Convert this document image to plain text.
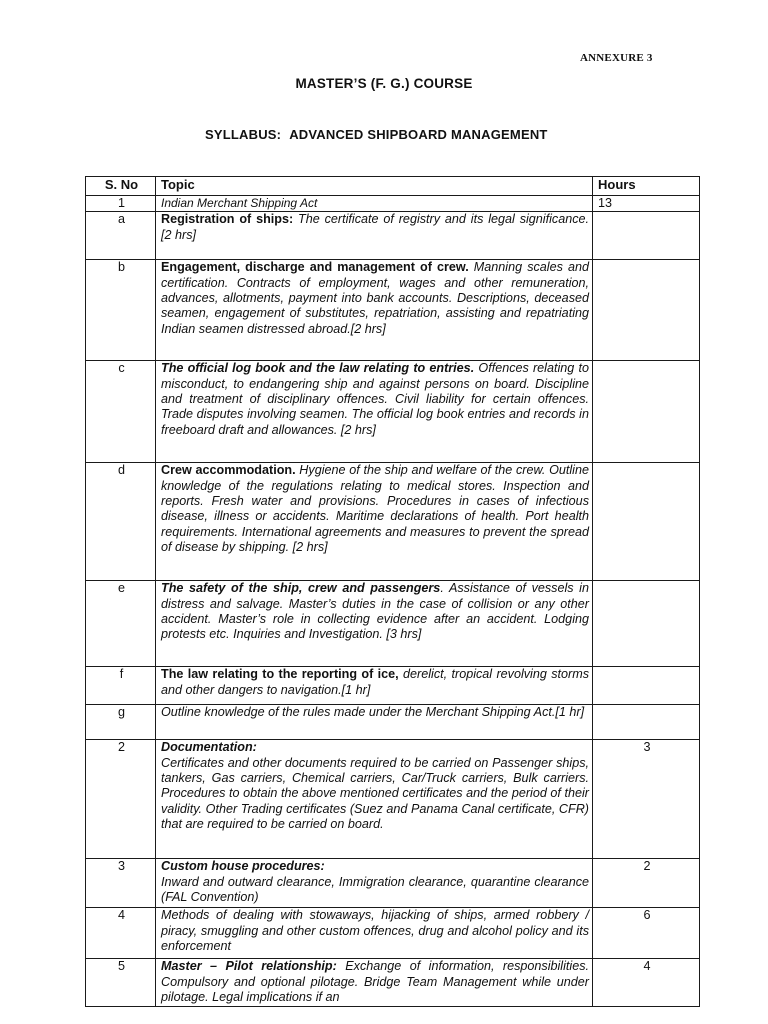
ANNEXURE 3
MASTER’S (F. G.) COURSE
SYLLABUS: ADVANCED SHIPBOARD MANAGEMENT
S. No	Topic	Hours
1	Indian Merchant Shipping Act	13
a	Registration of ships: The certificate of registry and its legal significance. [2 hrs]	
b	Engagement, discharge and management of crew. Manning scales and certification. Contracts of employment, wages and other remuneration, advances, allotments, payment into bank accounts. Descriptions, deceased seamen, engagement of substitutes, repatriation, assisting and repatriating Indian seamen distressed abroad.[2 hrs]	
c	The official log book and the law relating to entries. Offences relating to misconduct, to endangering ship and against persons on board. Discipline and treatment of disciplinary offences. Civil liability for certain offences. Trade disputes involving seamen. The official log book entries and records in freeboard draft and allowances. [2 hrs]	
d	Crew accommodation. Hygiene of the ship and welfare of the crew. Outline knowledge of the regulations relating to medical stores. Inspection and reports. Fresh water and provisions. Procedures in cases of infectious disease, illness or accidents. Maritime declarations of health. Port health requirements. International agreements and measures to prevent the spread of disease by shipping. [2 hrs]	
e	The safety of the ship, crew and passengers. Assistance of vessels in distress and salvage. Master’s duties in the case of collision or any other accident. Master’s role in collecting evidence after an accident. Lodging protests etc. Inquiries and Investigation. [3 hrs]	
f	The law relating to the reporting of ice, derelict, tropical revolving storms and other dangers to navigation.[1 hr]	
g	Outline knowledge of the rules made under the Merchant Shipping Act.[1 hr]	
2	Documentation:
Certificates and other documents required to be carried on Passenger ships, tankers, Gas carriers, Chemical carriers, Car/Truck carriers, Bulk carriers. Procedures to obtain the above mentioned certificates and the period of their validity. Other Trading certificates (Suez and Panama Canal certificate, CFR) that are required to be carried on board.	3
3	Custom house procedures:
Inward and outward clearance, Immigration clearance, quarantine clearance (FAL Convention)	2
4	Methods of dealing with stowaways, hijacking of ships, armed robbery / piracy, smuggling and other custom offences, drug and alcohol policy and its enforcement	6
5	Master – Pilot relationship: Exchange of information, responsibilities. Compulsory and optional pilotage. Bridge Team Management while under pilotage. Legal implications if an	4
